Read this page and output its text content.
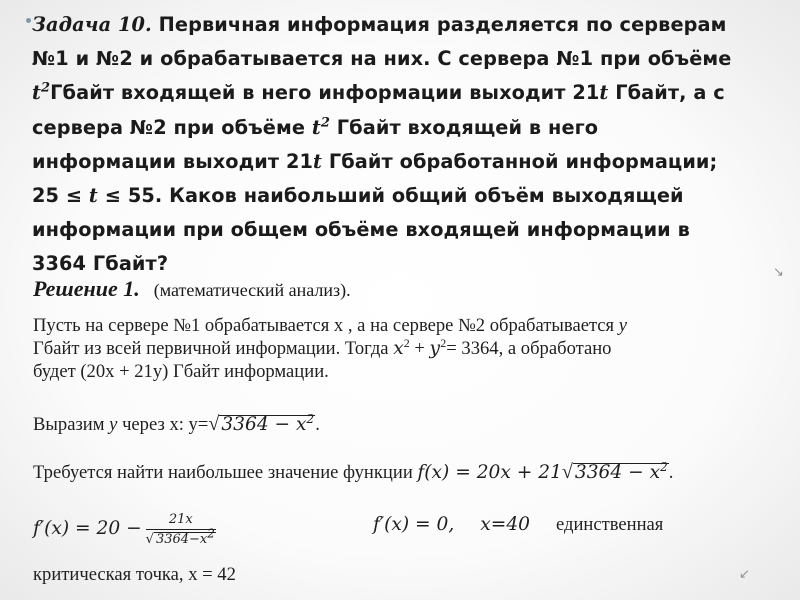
Задача 10. Первичная информация разделяется по серверам
№1 и №2 и обрабатывается на них. С сервера №1 при объёме
$t^2Гбайт$ входящей в него информации выходит 21t Гбайт, а с
сервера №2 при объёме $t^2$ Гбайт входящей в него
информации выходит 21t Гбайт обработанной информации;
25 ≤ t ≤ 55. Каков наибольший общий объём выходящей
информации при общем объёме входящей информации в
3364 Гбайт?
Решение 1. (математический анализ).
Пусть на сервере №1 обрабатывается х , а на сервере №2 обрабатывается у
Гбайт из всей первичной информации. Тогда $х^2 + у^2= 3364$, а обработано
будет (20х + 21у) Гбайт информации.
Выразим у через х: у=√ $3364 - х^2$.
Требуется найти наибольшее значение функции f(x) = 20x + 21√ $3364 - x^2$.
$f'(x) = 20 - \frac{21x}{√ 3364-x^2}$	f′(x) = 0, x=40 единственная
критическая точка, x = 42
↘
↙
